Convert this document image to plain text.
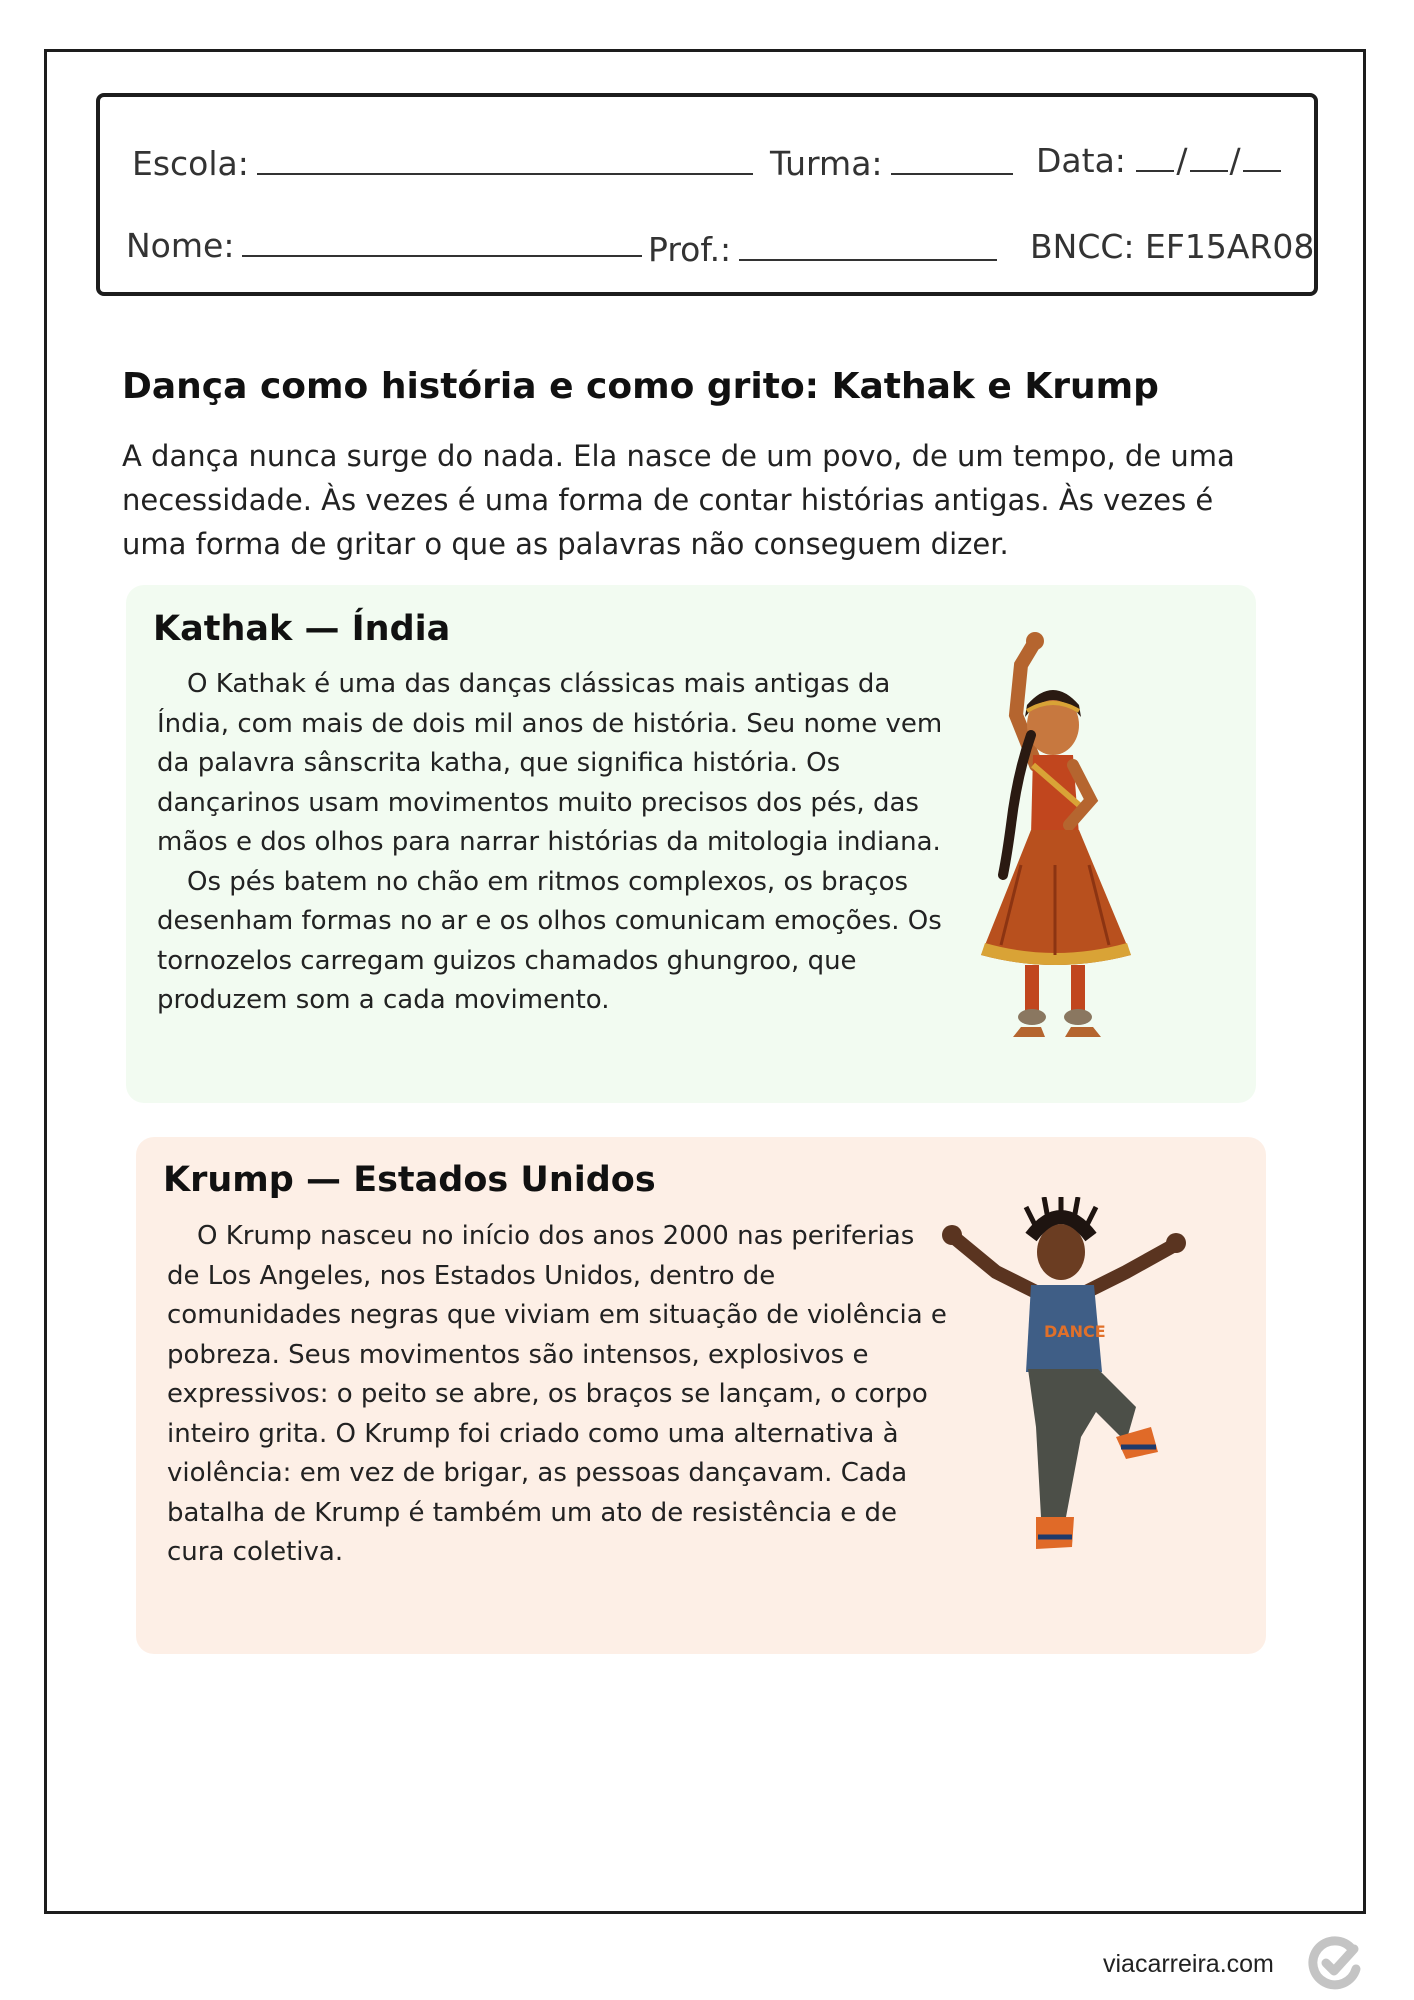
Escola:	Turma:	Data: / /
Nome:	Prof.:	BNCC: EF15AR08
Dança como história e como grito: Kathak e Krump
A dança nunca surge do nada. Ela nasce de um povo, de um tempo, de uma necessidade. Às vezes é uma forma de contar histórias antigas. Às vezes é uma forma de gritar o que as palavras não conseguem dizer.
Kathak — Índia

O Kathak é uma das danças clássicas mais antigas da Índia, com mais de dois mil anos de história. Seu nome vem da palavra sânscrita katha, que significa história. Os dançarinos usam movimentos muito precisos dos pés, das mãos e dos olhos para narrar histórias da mitologia indiana.

Os pés batem no chão em ritmos complexos, os braços desenham formas no ar e os olhos comunicam emoções. Os tornozelos carregam guizos chamados ghungroo, que produzem som a cada movimento.

Krump — Estados Unidos

O Krump nasceu no início dos anos 2000 nas periferias de Los Angeles, nos Estados Unidos, dentro de comunidades negras que viviam em situação de violência e pobreza. Seus movimentos são intensos, explosivos e expressivos: o peito se abre, os braços se lançam, o corpo inteiro grita. O Krump foi criado como uma alternativa à violência: em vez de brigar, as pessoas dançavam. Cada batalha de Krump é também um ato de resistência e de cura coletiva.

DANCE
viacarreira.com
